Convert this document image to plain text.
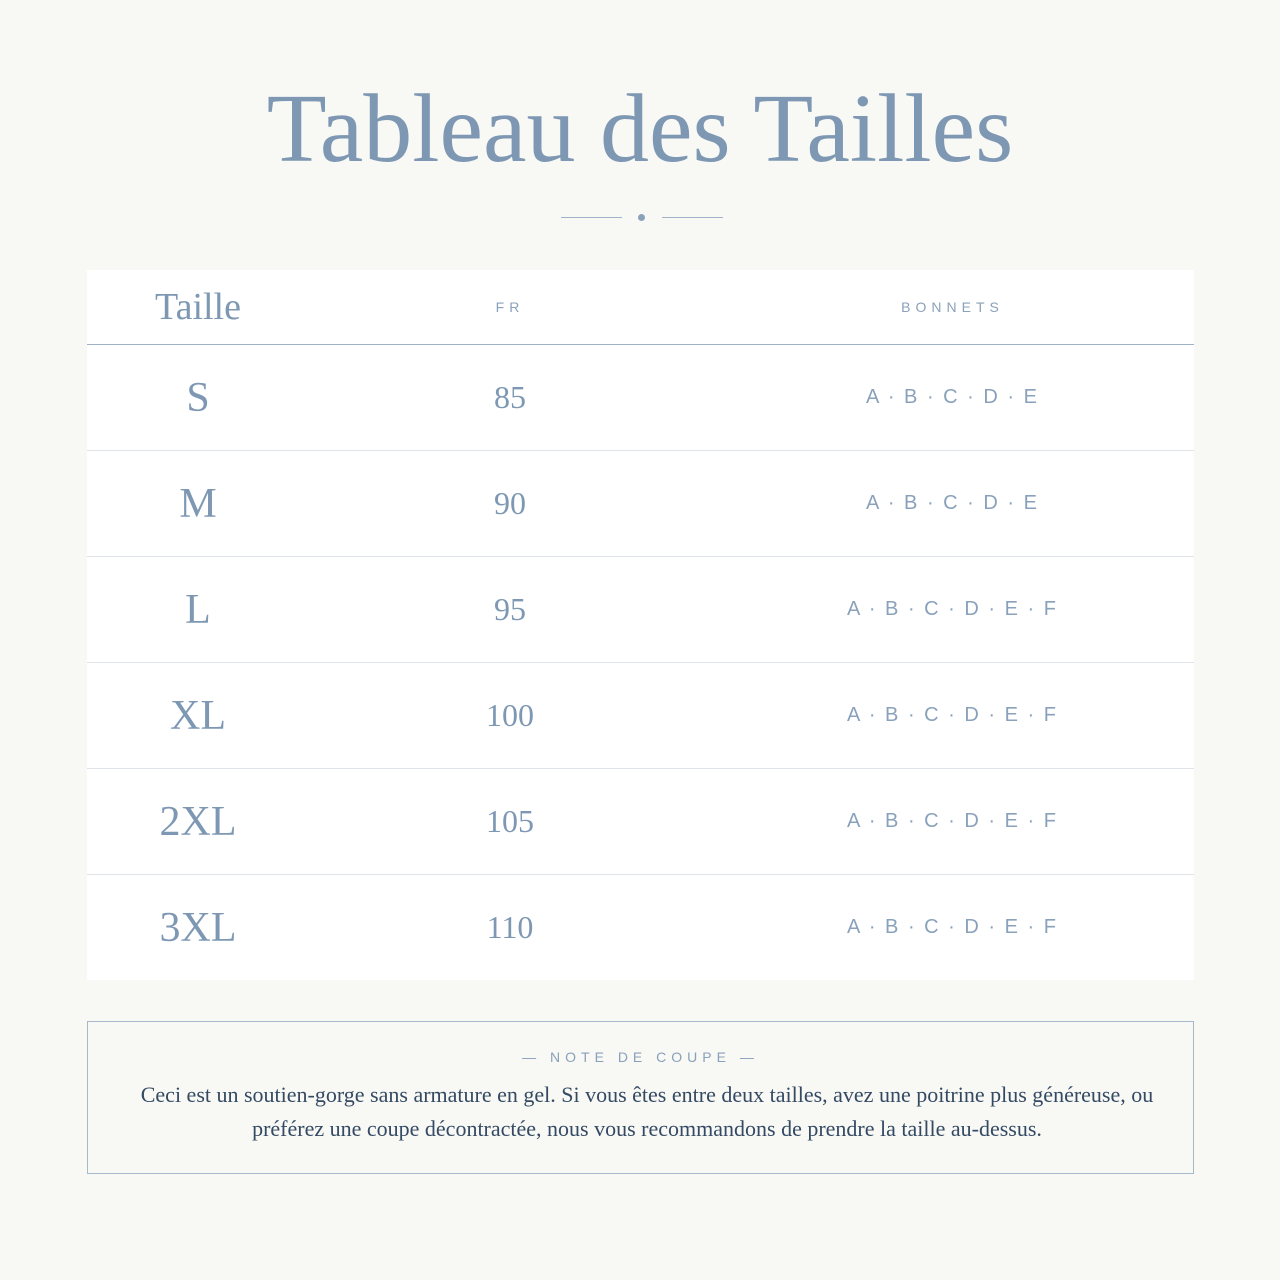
Tableau des Tailles
Taille	FR	BONNETS
S	85	A · B · C · D · E
M	90	A · B · C · D · E
L	95	A · B · C · D · E · F
XL	100	A · B · C · D · E · F
2XL	105	A · B · C · D · E · F
3XL	110	A · B · C · D · E · F
— NOTE DE COUPE —
Ceci est un soutien-gorge sans armature en gel. Si vous êtes entre deux tailles, avez une poitrine plus généreuse, ou préférez une coupe décontractée, nous vous recommandons de prendre la taille au-dessus.
